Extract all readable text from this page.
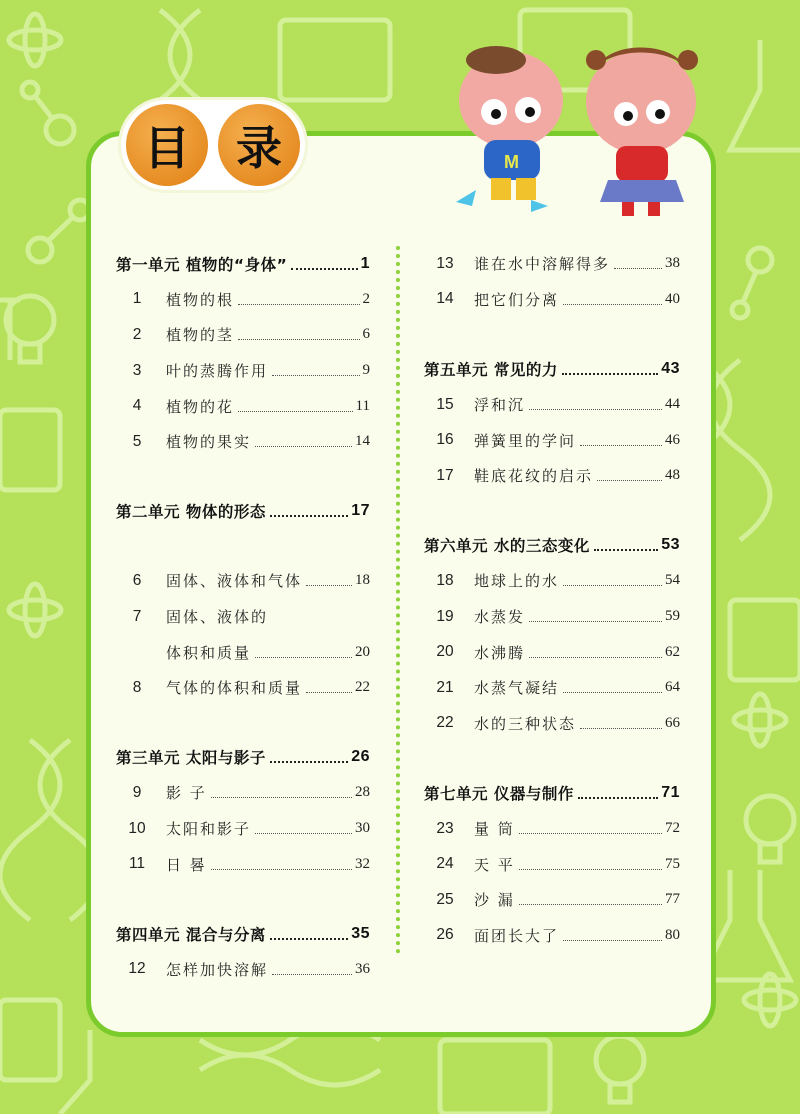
目	录	M
第一单元 植物的“身体”	1
1	植物的根	2
2	植物的茎	6
3	叶的蒸腾作用	9
4	植物的花	11
5	植物的果实	14
第二单元 物体的形态	17
6	固体、液体和气体	18
7	固体、液体的
体积和质量	20
8	气体的体积和质量	22
第三单元 太阳与影子	26
9	影 子	28
10	太阳和影子	30
11	日 晷	32
第四单元 混合与分离	35
12	怎样加快溶解	36
13	谁在水中溶解得多	38
14	把它们分离	40
第五单元 常见的力	43
15	浮和沉	44
16	弹簧里的学问	46
17	鞋底花纹的启示	48
第六单元 水的三态变化	53
18	地球上的水	54
19	水蒸发	59
20	水沸腾	62
21	水蒸气凝结	64
22	水的三种状态	66
第七单元 仪器与制作	71
23	量 筒	72
24	天 平	75
25	沙 漏	77
26	面团长大了	80
